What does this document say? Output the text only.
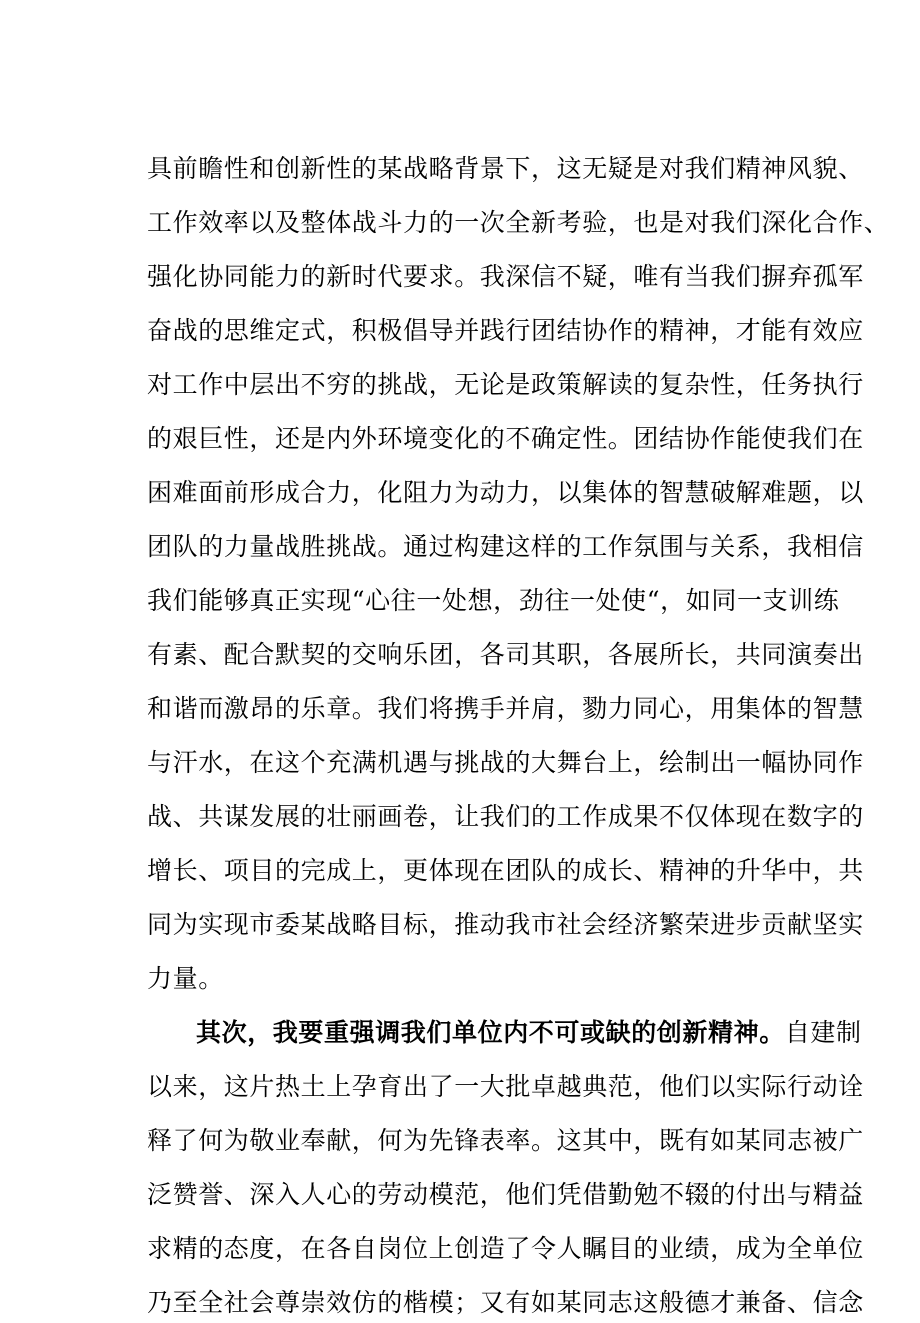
具前瞻性和创新性的某战略背景下，这无疑是对我们精神风貌、
工作效率以及整体战斗力的一次全新考验，也是对我们深化合作、
强化协同能力的新时代要求。我深信不疑，唯有当我们摒弃孤军
奋战的思维定式，积极倡导并践行团结协作的精神，才能有效应
对工作中层出不穷的挑战，无论是政策解读的复杂性，任务执行
的艰巨性，还是内外环境变化的不确定性。团结协作能使我们在
困难面前形成合力，化阻力为动力，以集体的智慧破解难题，以
团队的力量战胜挑战。通过构建这样的工作氛围与关系，我相信
我们能够真正实现“心往一处想，劲往一处使“，如同一支训练
有素、配合默契的交响乐团，各司其职，各展所长，共同演奏出
和谐而激昂的乐章。我们将携手并肩，勠力同心，用集体的智慧
与汗水，在这个充满机遇与挑战的大舞台上，绘制出一幅协同作
战、共谋发展的壮丽画卷，让我们的工作成果不仅体现在数字的
增长、项目的完成上，更体现在团队的成长、精神的升华中，共
同为实现市委某战略目标，推动我市社会经济繁荣进步贡献坚实
力量。
其次，我要重强调我们单位内不可或缺的创新精神。自建制
以来，这片热土上孕育出了一大批卓越典范，他们以实际行动诠
释了何为敬业奉献，何为先锋表率。这其中，既有如某同志被广
泛赞誉、深入人心的劳动模范，他们凭借勤勉不辍的付出与精益
求精的态度，在各自岗位上创造了令人瞩目的业绩，成为全单位
乃至全社会尊崇效仿的楷模；又有如某同志这般德才兼备、信念
